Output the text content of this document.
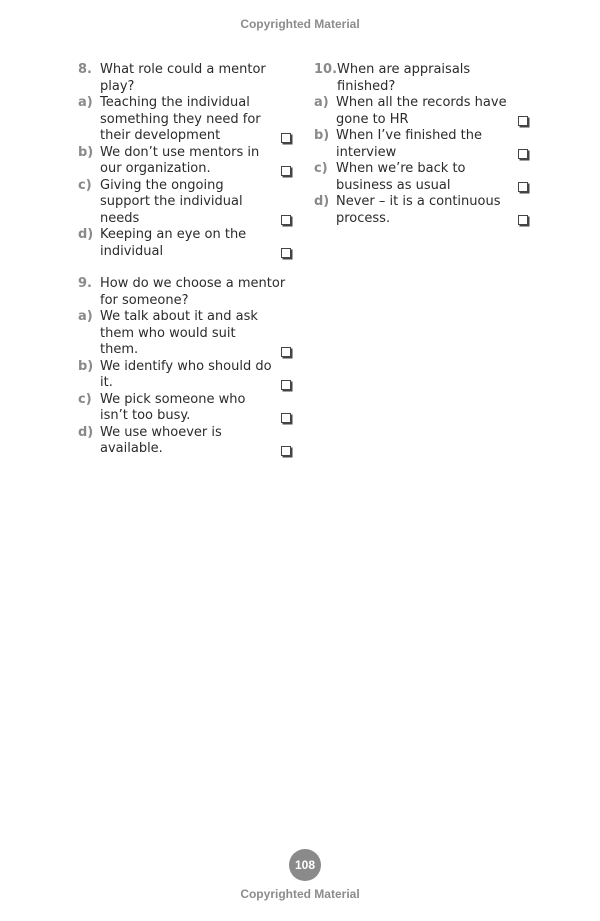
Copyrighted Material
8. What role could a mentor play?
a) Teaching the individual something they need for their development
b) We don’t use mentors in our organization.
c) Giving the ongoing support the individual needs
d) Keeping an eye on the individual
9. How do we choose a mentor for someone?
a) We talk about it and ask them who would suit them.
b) We identify who should do it.
c) We pick someone who isn’t too busy.
d) We use whoever is available.
10. When are appraisals finished?
a) When all the records have gone to HR
b) When I’ve finished the interview
c) When we’re back to business as usual
d) Never – it is a continuous process.
108
Copyrighted Material
